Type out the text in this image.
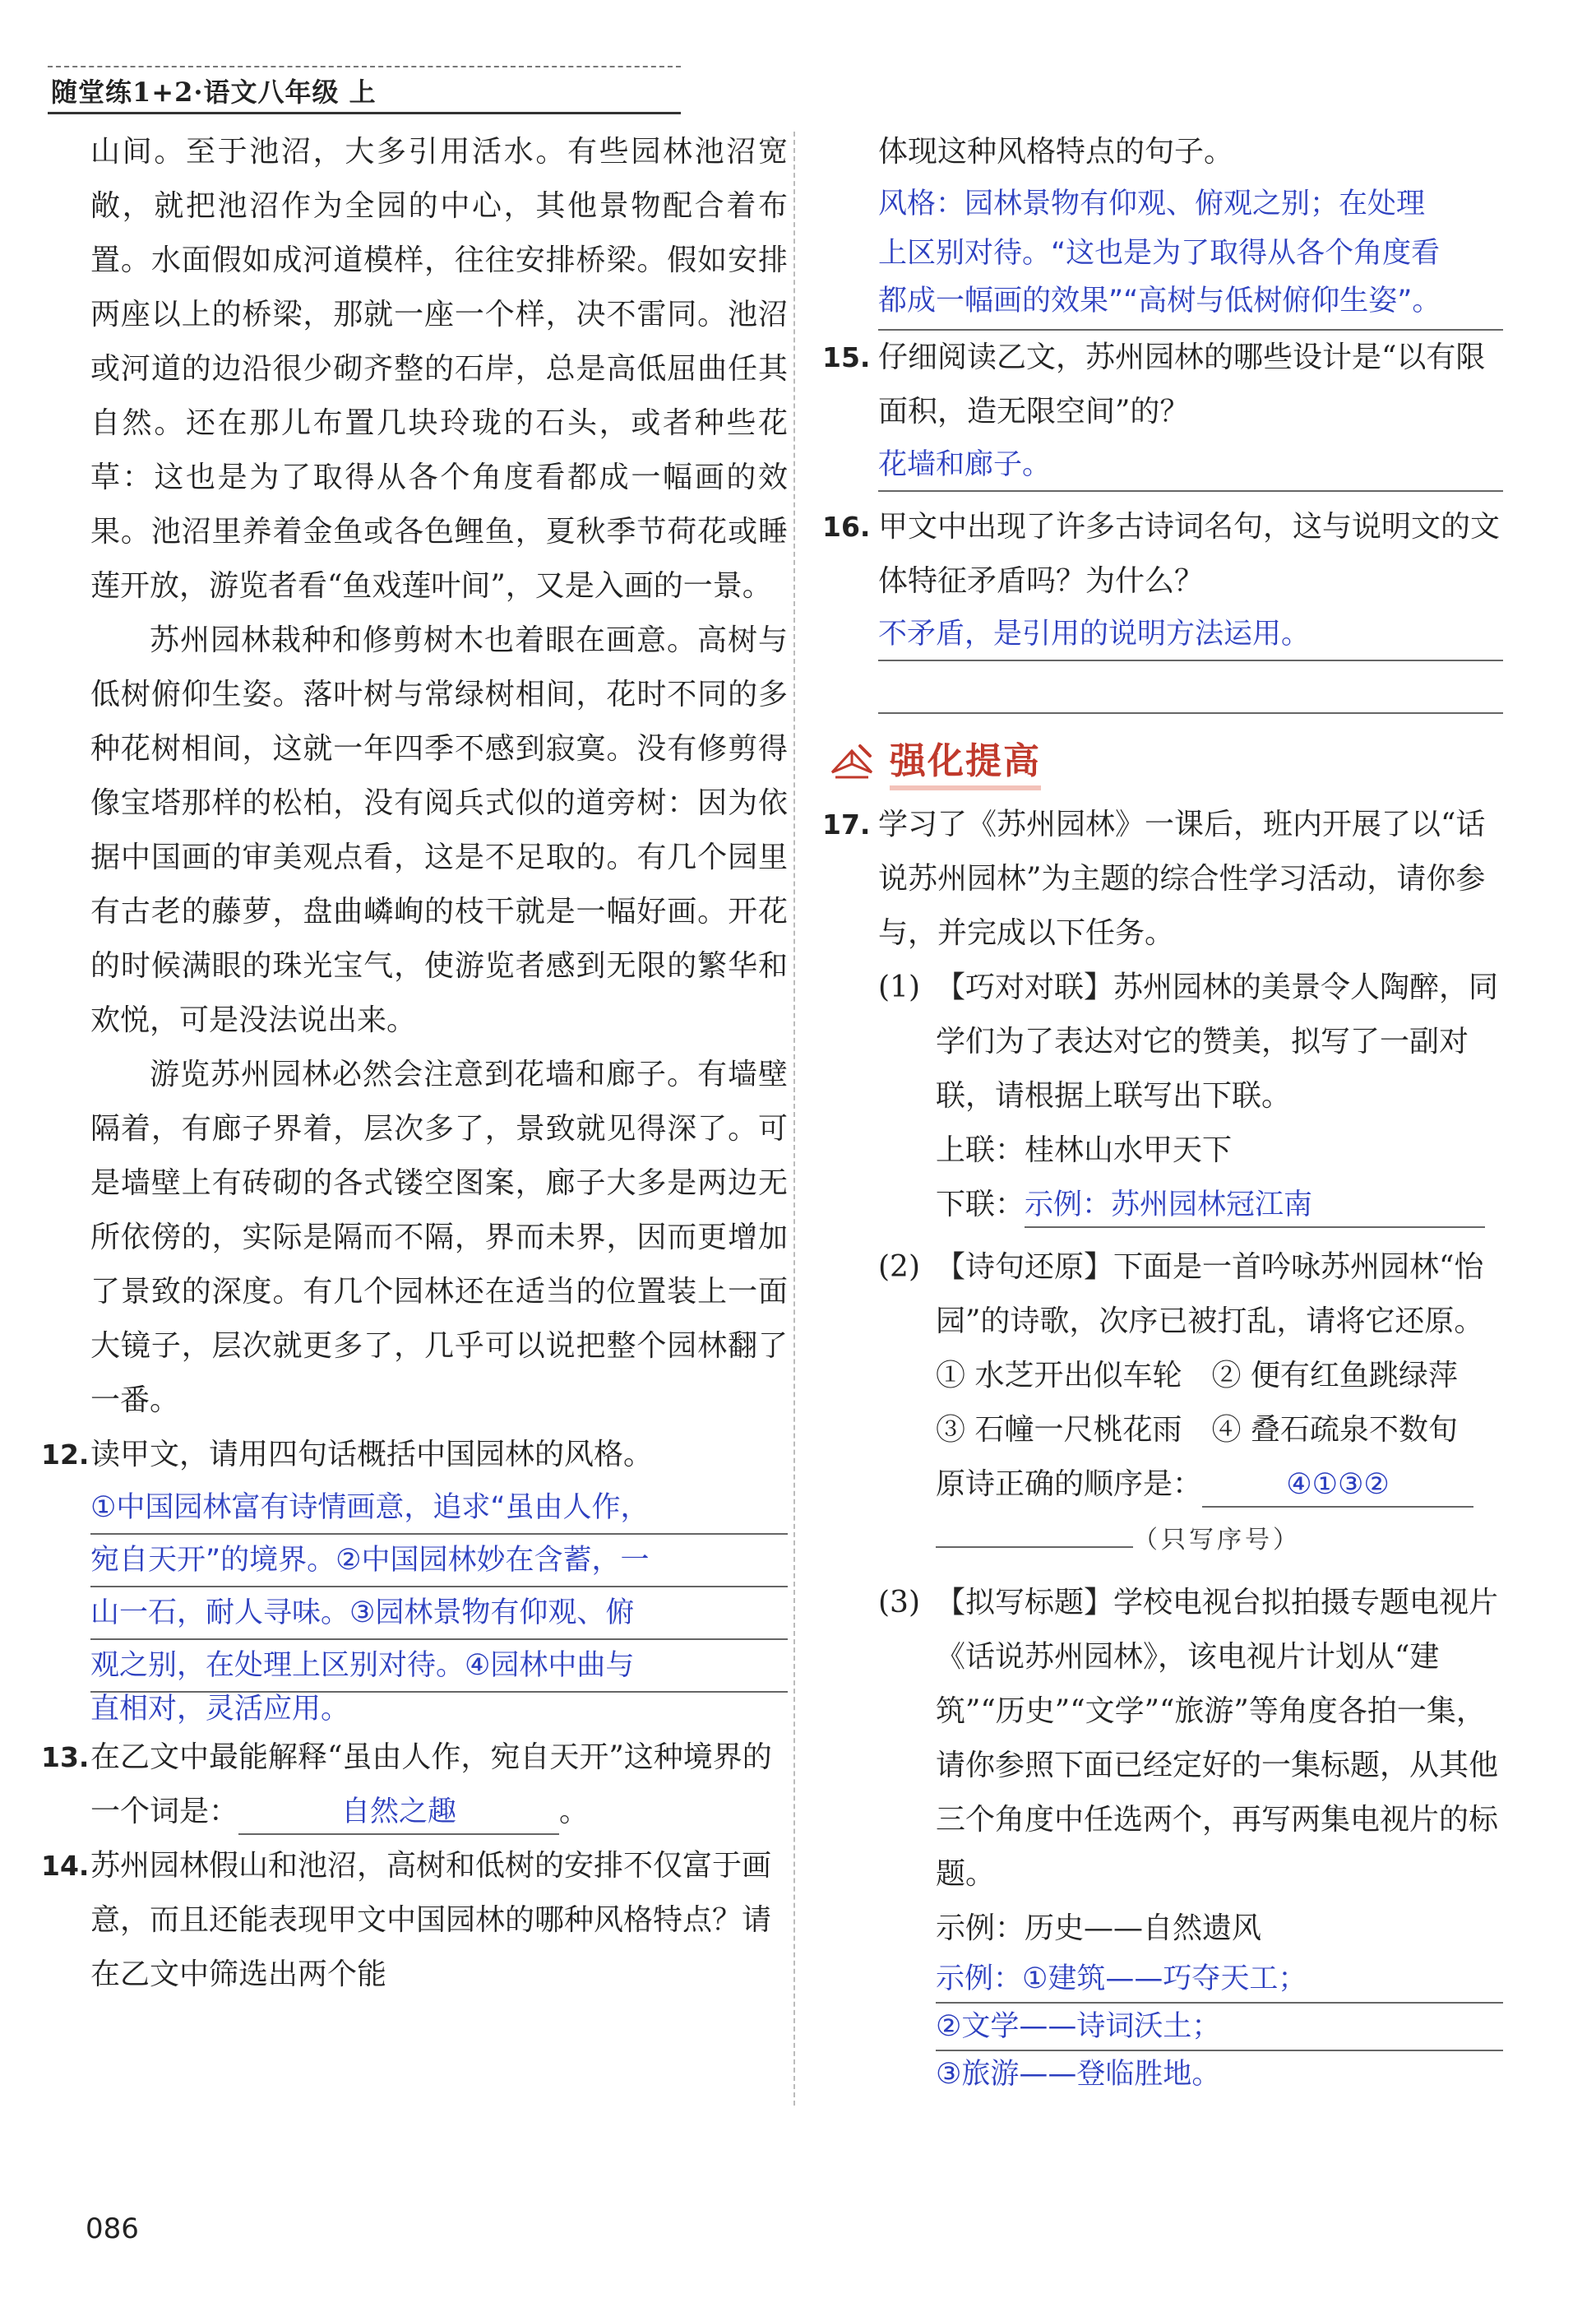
随堂练1+2·语文八年级 上

山间。至于池沼，大多引用活水。有些园林池沼宽敞，就把池沼作为全园的中心，其他景物配合着布置。水面假如成河道模样，往往安排桥梁。假如安排两座以上的桥梁，那就一座一个样，决不雷同。池沼或河道的边沿很少砌齐整的石岸，总是高低屈曲任其自然。还在那儿布置几块玲珑的石头，或者种些花草：这也是为了取得从各个角度看都成一幅画的效果。池沼里养着金鱼或各色鲤鱼，夏秋季节荷花或睡莲开放，游览者看“鱼戏莲叶间”，又是入画的一景。

苏州园林栽种和修剪树木也着眼在画意。高树与低树俯仰生姿。落叶树与常绿树相间，花时不同的多种花树相间，这就一年四季不感到寂寞。没有修剪得像宝塔那样的松柏，没有阅兵式似的道旁树：因为依据中国画的审美观点看，这是不足取的。有几个园里有古老的藤萝，盘曲嶙峋的枝干就是一幅好画。开花的时候满眼的珠光宝气，使游览者感到无限的繁华和欢悦，可是没法说出来。

游览苏州园林必然会注意到花墙和廊子。有墙壁隔着，有廊子界着，层次多了，景致就见得深了。可是墙壁上有砖砌的各式镂空图案，廊子大多是两边无所依傍的，实际是隔而不隔，界而未界，因而更增加了景致的深度。有几个园林还在适当的位置装上一面大镜子，层次就更多了，几乎可以说把整个园林翻了一番。

12. 读甲文，请用四句话概括中国园林的风格。
①中国园林富有诗情画意，追求“虽由人作，
宛自天开”的境界。②中国园林妙在含蓄，一
山一石，耐人寻味。③园林景物有仰观、俯
观之别，在处理上区别对待。④园林中曲与
直相对，灵活应用。
13. 在乙文中最能解释“虽由人作，宛自天开”这种境界的一个词是：	自然之趣	。
14. 苏州园林假山和池沼，高树和低树的安排不仅富于画意，而且还能表现甲文中国园林的哪种风格特点？请在乙文中筛选出两个能
体现这种风格特点的句子。
风格：园林景物有仰观、俯观之别；在处理
上区别对待。“这也是为了取得从各个角度看
都成一幅画的效果”“高树与低树俯仰生姿”。
15. 仔细阅读乙文，苏州园林的哪些设计是“以有限面积，造无限空间”的？
花墙和廊子。
16. 甲文中出现了许多古诗词名句，这与说明文的文体特征矛盾吗？为什么？
不矛盾，是引用的说明方法运用。
强化提高
17. 学习了《苏州园林》一课后，班内开展了以“话说苏州园林”为主题的综合性学习活动，请你参与，并完成以下任务。
(1) 【巧对对联】苏州园林的美景令人陶醉，同学们为了表达对它的赞美，拟写了一副对联，请根据上联写出下联。
上联：桂林山水甲天下
下联：示例：苏州园林冠江南
(2) 【诗句还原】下面是一首吟咏苏州园林“怡园”的诗歌，次序已被打乱，请将它还原。
① 水芝开出似车轮　② 便有红鱼跳绿萍　③ 石幢一尺桃花雨　④ 叠石疏泉不数旬
原诗正确的顺序是：	④①③②
（只写序号）
(3) 【拟写标题】学校电视台拟拍摄专题电视片《话说苏州园林》，该电视片计划从“建筑”“历史”“文学”“旅游”等角度各拍一集，请你参照下面已经定好的一集标题，从其他三个角度中任选两个，再写两集电视片的标题。
示例：历史——自然遗风
示例：①建筑——巧夺天工；
②文学——诗词沃土；
③旅游——登临胜地。
086
